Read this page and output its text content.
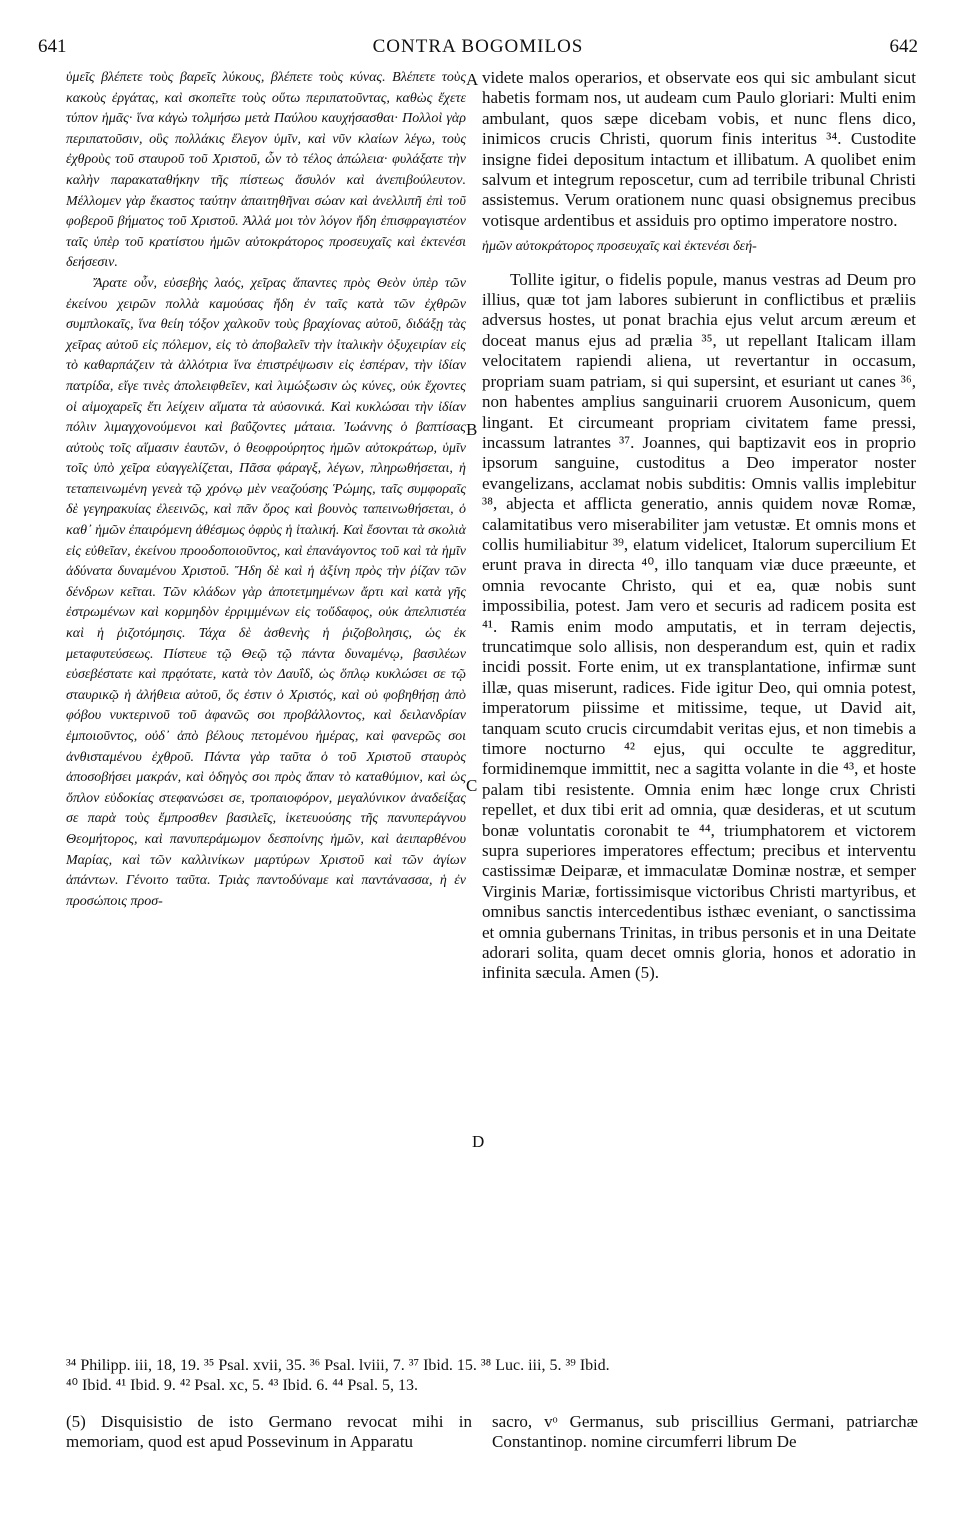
641	CONTRA BOGOMILOS	642

ὑμεῖς βλέπετε τοὺς βαρεῖς λύκους, βλέπετε τοὺς κύνας. Βλέπετε τοὺς κακοὺς ἐργάτας, καὶ σκοπεῖτε τοὺς οὕτω περιπατοῦντας, καθὼς ἔχετε τύπον ἡμᾶς· ἵνα κἀγὼ τολμήσω μετὰ Παύλου καυχήσασθαι· Πολλοὶ γὰρ περιπατοῦσιν, οὓς πολλάκις ἔλεγον ὑμῖν, καὶ νῦν κλαίων λέγω, τοὺς ἐχθροὺς τοῦ σταυροῦ τοῦ Χριστοῦ, ὧν τὸ τέλος ἀπώλεια· φυλάξατε τὴν καλὴν παρακαταθήκην τῆς πίστεως ἄσυλόν καὶ ἀνεπιβούλευτον. Μέλλομεν γὰρ ἕκαστος ταύτην ἀπαιτηθῆναι σώαν καὶ ἀνελλιπῆ ἐπὶ τοῦ φοβεροῦ βήματος τοῦ Χριστοῦ. Ἀλλά μοι τὸν λόγον ἤδη ἐπισφραγιστέον ταῖς ὑπὲρ τοῦ κρατίστου ἡμῶν αὐτοκράτορος προσευχαῖς καὶ ἐκτενέσι δεήσεσιν.

Ἄρατε οὖν, εὐσεβὴς λαός, χεῖρας ἅπαντες πρὸς Θεὸν ὑπὲρ τῶν ἐκείνου χειρῶν πολλὰ καμούσας ἤδη ἐν ταῖς κατὰ τῶν ἐχθρῶν συμπλοκαῖς, ἵνα θείη τόξον χαλκοῦν τοὺς βραχίονας αὐτοῦ, διδάξῃ τὰς χεῖρας αὐτοῦ εἰς πόλεμον, εἰς τὸ ἀποβαλεῖν τὴν ἰταλικὴν ὀξυχειρίαν εἰς τὸ καθαρπάζειν τὰ ἀλλότρια ἵνα ἐπιστρέψωσιν εἰς ἑσπέραν, τὴν ἰδίαν πατρίδα, εἴγε τινὲς ἀπολειφθεῖεν, καὶ λιμώξωσιν ὡς κύνες, οὐκ ἔχοντες οἱ αἱμοχαρεῖς ἔτι λείχειν αἵματα τὰ αὐσονικά. Καὶ κυκλώσαι τὴν ἰδίαν πόλιν λιμαγχονούμενοι καὶ βαΰζοντες μάταια. Ἰωάννης ὁ βαπτίσας αὐτοὺς τοῖς αἵμασιν ἑαυτῶν, ὁ θεοφρούρητος ἡμῶν αὐτοκράτωρ, ὑμῖν τοῖς ὑπὸ χεῖρα εὐαγγελίζεται, Πᾶσα φάραγξ, λέγων, πληρωθήσεται, ἡ τεταπεινωμένη γενεὰ τῷ χρόνῳ μὲν νεαζούσης Ῥώμης, ταῖς συμφοραῖς δὲ γεγηρακυίας ἐλεεινῶς, καὶ πᾶν ὄρος καὶ βουνὸς ταπεινωθήσεται, ὁ καθ᾽ ἡμῶν ἐπαιρόμενη ἀθέσμως ὀφρὺς ἡ ἰταλική. Καὶ ἔσονται τὰ σκολιὰ εἰς εὐθεῖαν, ἐκείνου προοδοποιοῦντος, καὶ ἐπανάγοντος τοῦ καὶ τὰ ἡμῖν ἀδύνατα δυναμένου Χριστοῦ. Ἤδη δὲ καὶ ἡ ἀξίνη πρὸς τὴν ῥίζαν τῶν δένδρων κεῖται. Τῶν κλάδων γὰρ ἀποτετμημένων ἄρτι καὶ κατὰ γῆς ἐστρωμένων καὶ κορμηδὸν ἐρριμμένων εἰς τοὔδαφος, οὐκ ἀπελπιστέα καὶ ἡ ῥιζοτόμησις. Τάχα δὲ ἀσθενὴς ἡ ῥιζοβολησις, ὡς ἐκ μεταφυτεύσεως. Πίστευε τῷ Θεῷ τῷ πάντα δυναμένῳ, βασιλέων εὐσεβέστατε καὶ πρᾳότατε, κατὰ τὸν Δαυΐδ, ὡς ὅπλῳ κυκλώσει σε τῷ σταυρικῷ ἡ ἀλήθεια αὐτοῦ, ὅς ἐστιν ὁ Χριστός, καὶ οὐ φοβηθήσῃ ἀπὸ φόβου νυκτερινοῦ τοῦ ἀφανῶς σοι προβάλλοντος, καὶ δειλανδρίαν ἐμποιοῦντος, οὐδ᾽ ἀπὸ βέλους πετομένου ἡμέρας, καὶ φανερῶς σοι ἀνθισταμένου ἐχθροῦ. Πάντα γὰρ ταῦτα ὁ τοῦ Χριστοῦ σταυρὸς ἀποσοβήσει μακράν, καὶ ὁδηγὸς σοι πρὸς ἅπαν τὸ καταθύμιον, καὶ ὡς ὅπλον εὐδοκίας στεφανώσει σε, τροπαιοφόρον, μεγαλύνικον ἀναδείξας σε παρὰ τοὺς ἔμπροσθεν βασιλεῖς, ἱκετευούσης τῆς πανυπεράγνου Θεομήτορος, καὶ πανυπεράμωμον δεσποίνης ἡμῶν, καὶ ἀειπαρθένου Μαρίας, καὶ τῶν καλλινίκων μαρτύρων Χριστοῦ καὶ τῶν ἁγίων ἁπάντων. Γένοιτο ταῦτα. Τριὰς παντοδύναμε καὶ παντάνασσα, ἡ ἐν προσώποις προσ-

A
B
C
D

videte malos operarios, et observate eos qui sic ambulant sicut habetis formam nos, ut audeam cum Paulo gloriari: Multi enim ambulant, quos sæpe dicebam vobis, et nunc flens dico, inimicos crucis Christi, quorum finis interitus ³⁴. Custodite insigne fidei depositum intactum et illibatum. A quolibet enim salvum et integrum reposcetur, cum ad terribile tribunal Christi assistemus. Verum orationem nunc quasi obsignemus precibus votisque ardentibus et assiduis pro optimo imperatore nostro.

ἡμῶν αὐτοκράτορος προσευχαῖς καὶ ἐκτενέσι δεή-

Tollite igitur, o fidelis popule, manus vestras ad Deum pro illius, quæ tot jam labores subierunt in conflictibus et præliis adversus hostes, ut ponat brachia ejus velut arcum æreum et doceat manus ejus ad prælia ³⁵, ut repellant Italicam illam velocitatem rapiendi aliena, ut revertantur in occasum, propriam suam patriam, si qui supersint, et esuriant ut canes ³⁶, non habentes amplius sanguinarii cruorem Ausonicum, quem lingant. Et circumeant propriam civitatem fame pressi, incassum latrantes ³⁷. Joannes, qui baptizavit eos in proprio ipsorum sanguine, custoditus a Deo imperator noster evangelizans, acclamat nobis subditis: Omnis vallis implebitur ³⁸, abjecta et afflicta generatio, annis quidem novæ Romæ, calamitatibus vero miserabiliter jam vetustæ. Et omnis mons et collis humiliabitur ³⁹, elatum videlicet, Italorum supercilium Et erunt prava in directa ⁴⁰, illo tanquam viæ duce præeunte, et omnia revocante Christo, qui et ea, quæ nobis sunt impossibilia, potest. Jam vero et securis ad radicem posita est ⁴¹. Ramis enim modo amputatis, et in terram dejectis, truncatimque solo allisis, non desperandum est, quin et radix incidi possit. Forte enim, ut ex transplantatione, infirmæ sunt illæ, quas miserunt, radices. Fide igitur Deo, qui omnia potest, imperatorum piissime et mitissime, teque, ut David ait, tanquam scuto crucis circumdabit veritas ejus, et non timebis a timore nocturno ⁴² ejus, qui occulte te aggreditur, formidinemque immittit, nec a sagitta volante in die ⁴³, et hoste palam tibi resistente. Omnia enim hæc longe crux Christi repellet, et dux tibi erit ad omnia, quæ desideras, et ut scutum bonæ voluntatis coronabit te ⁴⁴, triumphatorem et victorem supra superiores imperatores effectum; precibus et interventu castissimæ Deiparæ, et immaculatæ Dominæ nostræ, et semper Virginis Mariæ, fortissimisque victoribus Christi martyribus, et omnibus sanctis intercedentibus isthæc eveniant, o sanctissima et omnia gubernans Trinitas, in tribus personis et in una Deitate adorari solita, quam decet omnis gloria, honos et adoratio in infinita sæcula. Amen (5).

³⁴ Philipp. iii, 18, 19. ³⁵ Psal. xvii, 35. ³⁶ Psal. lviii, 7. ³⁷ Ibid. 15. ³⁸ Luc. iii, 5. ³⁹ Ibid.

⁴⁰ Ibid. ⁴¹ Ibid. 9. ⁴² Psal. xc, 5. ⁴³ Ibid. 6. ⁴⁴ Psal. 5, 13.

(5) Disquisistio de isto Germano revocat mihi in memoriam, quod est apud Possevinum in Apparatu

sacro, vᵒ Germanus, sub priscillius Germani, patriarchæ Constantinop. nomine circumferri librum De
